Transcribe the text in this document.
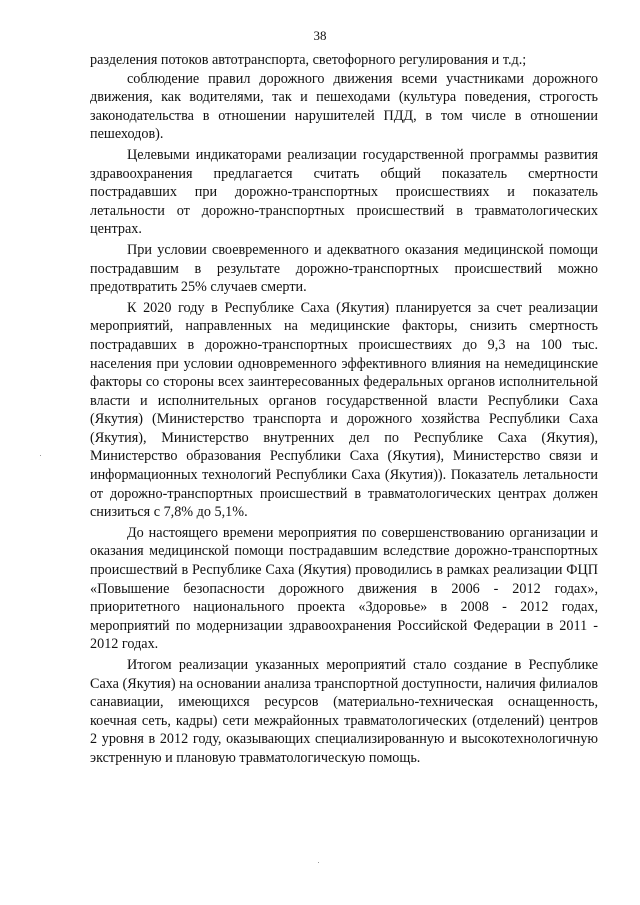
38

разделения потоков автотранспорта, светофорного регулирования и т.д.;

соблюдение правил дорожного движения всеми участниками дорожного движения, как водителями, так и пешеходами (культура поведения, строгость законодательства в отношении нарушителей ПДД, в том числе в отношении пешеходов).

Целевыми индикаторами реализации государственной программы развития здравоохранения предлагается считать общий показатель смертности пострадавших при дорожно-транспортных происшествиях и показатель летальности от дорожно-транспортных происшествий в травматологических центрах.

При условии своевременного и адекватного оказания медицинской помощи пострадавшим в результате дорожно-транспортных происшествий можно предотвратить 25% случаев смерти.

К 2020 году в Республике Саха (Якутия) планируется за счет реализации мероприятий, направленных на медицинские факторы, снизить смертность пострадавших в дорожно-транспортных происшествиях до 9,3 на 100 тыс. населения при условии одновременного эффективного влияния на немедицинские факторы со стороны всех заинтересованных федеральных органов исполнительной власти и исполнительных органов государственной власти Республики Саха (Якутия) (Министерство транспорта и дорожного хозяйства Республики Саха (Якутия), Министерство внутренних дел по Республике Саха (Якутия), Министерство образования Республики Саха (Якутия), Министерство связи и информационных технологий Республики Саха (Якутия)). Показатель летальности от дорожно-транспортных происшествий в травматологических центрах должен снизиться с 7,8% до 5,1%.

До настоящего времени мероприятия по совершенствованию организации и оказания медицинской помощи пострадавшим вследствие дорожно-транспортных происшествий в Республике Саха (Якутия) проводились в рамках реализации ФЦП «Повышение безопасности дорожного движения в 2006 - 2012 годах», приоритетного национального проекта «Здоровье» в 2008 - 2012 годах, мероприятий по модернизации здравоохранения Российской Федерации в 2011 - 2012 годах.

Итогом реализации указанных мероприятий стало создание в Республике Саха (Якутия) на основании анализа транспортной доступности, наличия филиалов санавиации, имеющихся ресурсов (материально-техническая оснащенность, коечная сеть, кадры) сети межрайонных травматологических (отделений) центров 2 уровня в 2012 году, оказывающих специализированную и высокотехнологичную экстренную и плановую травматологическую помощь.
